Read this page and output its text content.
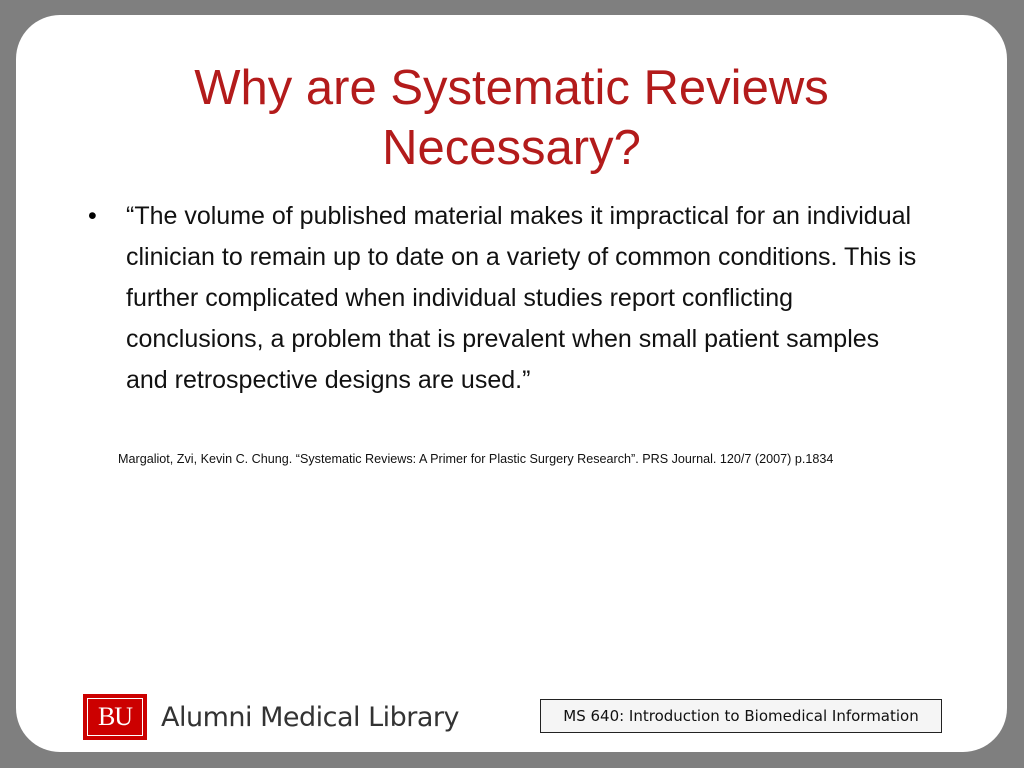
Why are Systematic Reviews
Necessary?
•	“The volume of published material makes it impractical for an individual clinician to remain up to date on a variety of common conditions. This is further complicated when individual studies report conflicting conclusions, a problem that is prevalent when small patient samples and retrospective designs are used.”
Margaliot, Zvi, Kevin C. Chung. “Systematic Reviews: A Primer for Plastic Surgery Research”. PRS Journal. 120/7 (2007) p.1834
BU	Alumni Medical Library	MS 640: Introduction to Biomedical Information
